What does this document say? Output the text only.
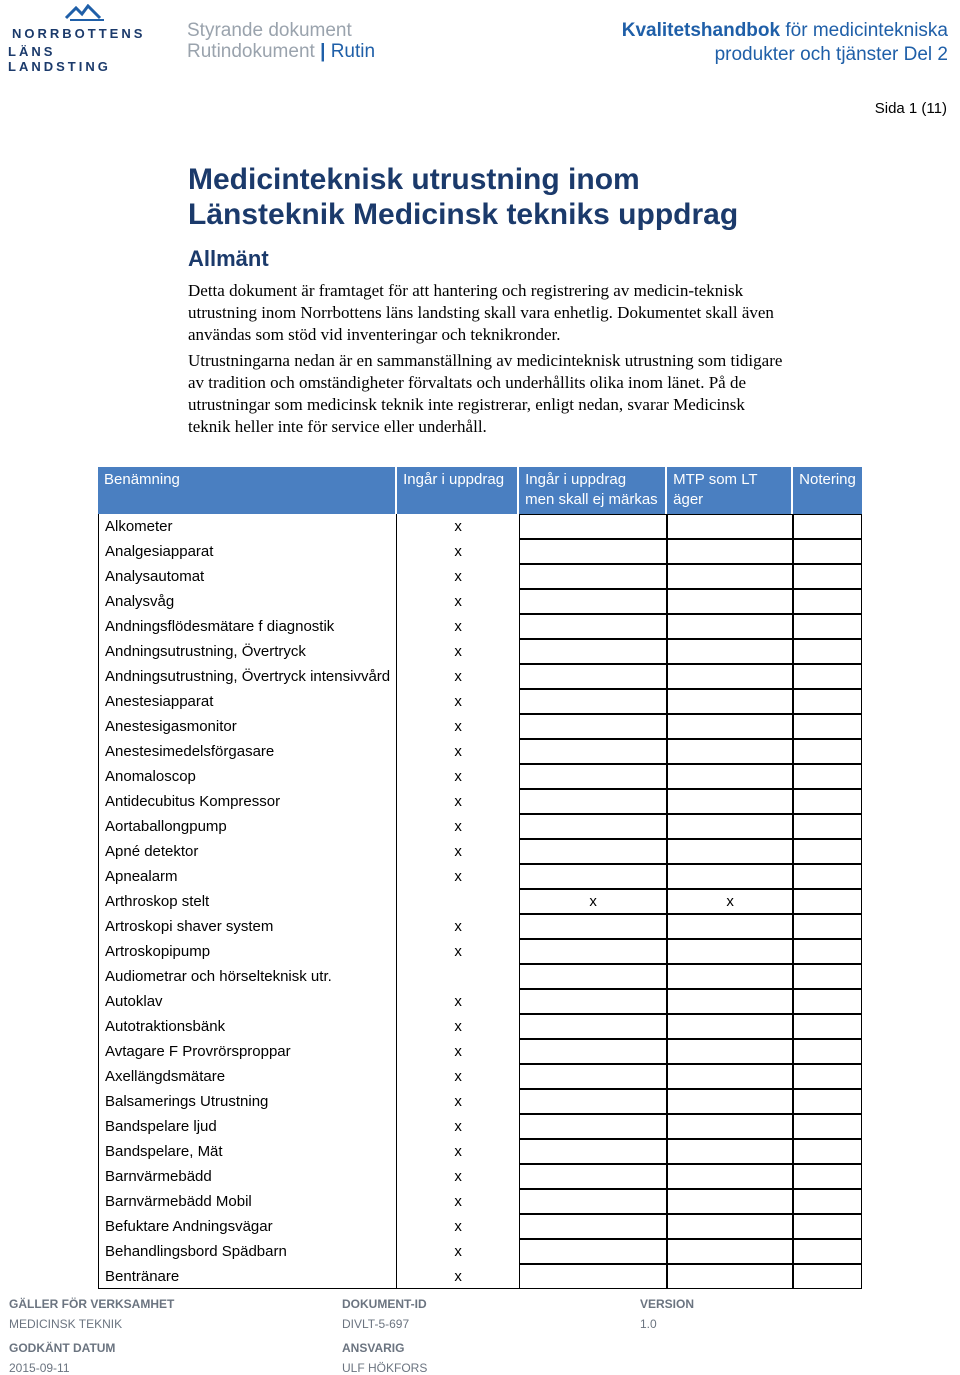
NORRBOTTENS
LÄNS LANDSTING
Styrande dokument
Rutindokument | Rutin
Kvalitetshandbok för medicintekniska
produkter och tjänster Del 2
Sida 1 (11)
Medicinteknisk utrustning inom
Länsteknik Medicinsk tekniks uppdrag
Allmänt
Detta dokument är framtaget för att hantering och registrering av medicin-teknisk utrustning inom Norrbottens läns landsting skall vara enhetlig. Dokumentet skall även användas som stöd vid inventeringar och teknikronder.
Utrustningarna nedan är en sammanställning av medicinteknisk utrustning som tidigare av tradition och omständigheter förvaltats och underhållits olika inom länet. På de utrustningar som medicinsk teknik inte registrerar, enligt nedan, svarar Medicinsk teknik heller inte för service eller underhåll.
Benämning	Ingår i uppdrag	Ingår i uppdrag men skall ej märkas	MTP som LT äger	Notering
Alkometer	x			
Analgesiapparat	x			
Analysautomat	x			
Analysvåg	x			
Andningsflödesmätare f diagnostik	x			
Andningsutrustning, Övertryck	x			
Andningsutrustning, Övertryck intensivvård	x			
Anestesiapparat	x			
Anestesigasmonitor	x			
Anestesimedelsförgasare	x			
Anomaloscop	x			
Antidecubitus Kompressor	x			
Aortaballongpump	x			
Apné detektor	x			
Apnealarm	x			
Arthroskop stelt		x	x	
Artroskopi shaver system	x			
Artroskopipump	x			
Audiometrar och hörselteknisk utr.				
Autoklav	x			
Autotraktionsbänk	x			
Avtagare F Provrörsproppar	x			
Axellängdsmätare	x			
Balsamerings Utrustning	x			
Bandspelare ljud	x			
Bandspelare, Mät	x			
Barnvärmebädd	x			
Barnvärmebädd Mobil	x			
Befuktare Andningsvägar	x			
Behandlingsbord Spädbarn	x			
Bentränare	x			
GÄLLER FÖR VERKSAMHET
MEDICINSK TEKNIK
DOKUMENT-ID
DIVLT-5-697
VERSION
1.0
GODKÄNT DATUM
2015-09-11
ANSVARIG
ULF HÖKFORS
